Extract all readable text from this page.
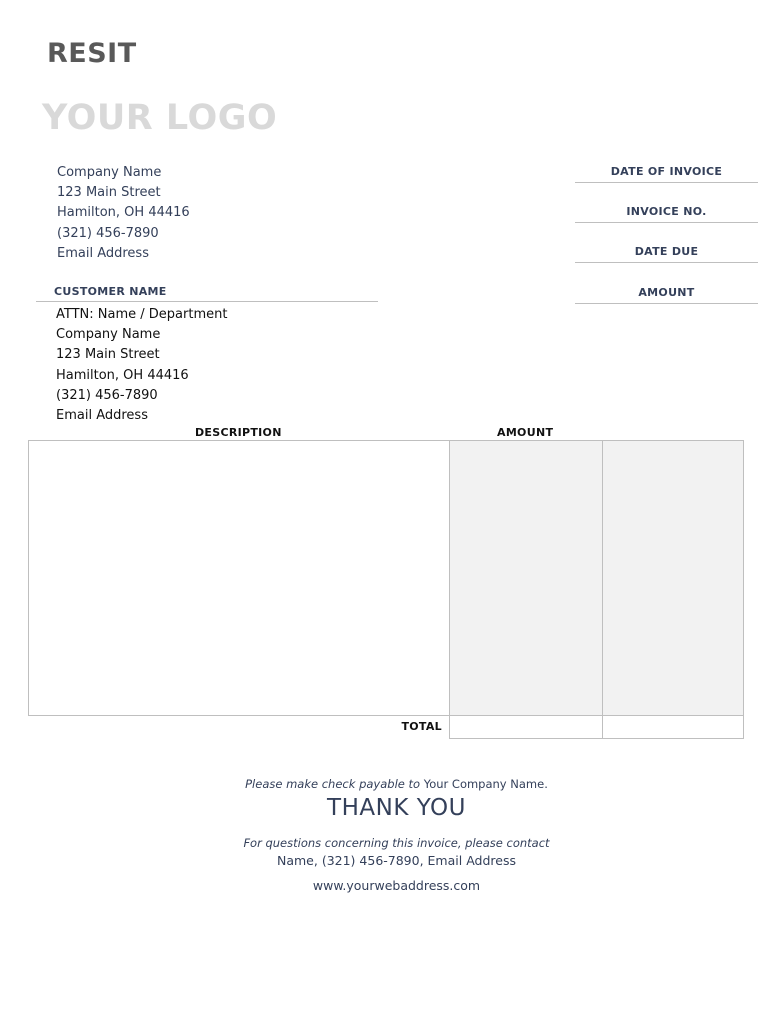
RESIT
YOUR LOGO
Company Name
123 Main Street
Hamilton, OH 44416
(321) 456-7890
Email Address
DATE OF INVOICE
INVOICE NO.
DATE DUE
AMOUNT
CUSTOMER NAME
ATTN: Name / Department
Company Name
123 Main Street
Hamilton, OH 44416
(321) 456-7890
Email Address
DESCRIPTION	AMOUNT
TOTAL
Please make check payable to Your Company Name.
THANK YOU
For questions concerning this invoice, please contact
Name, (321) 456-7890, Email Address
www.yourwebaddress.com
